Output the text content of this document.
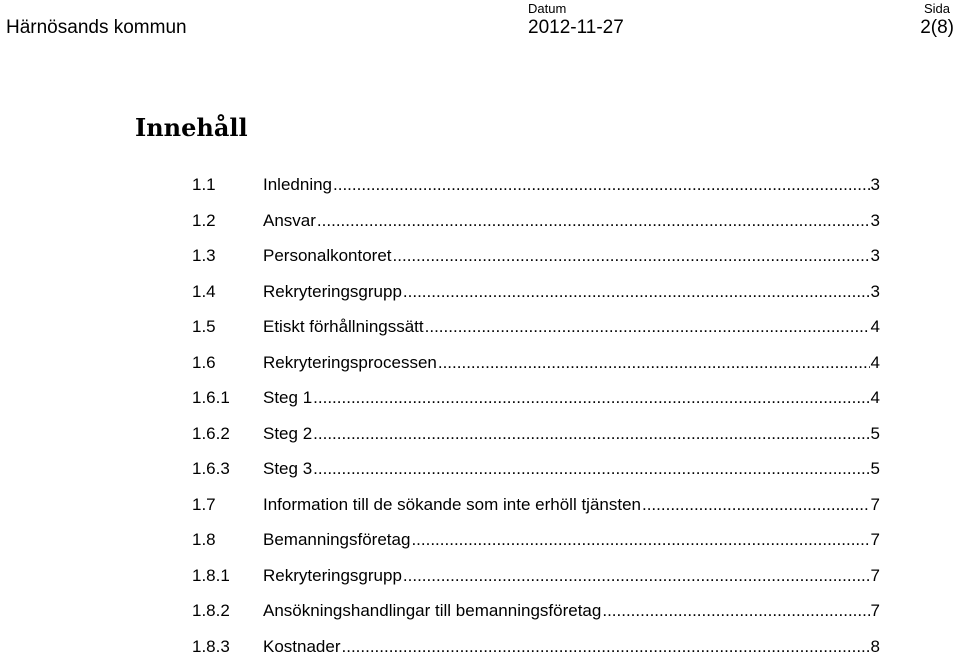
Härnösands kommun
Datum
2012-11-27
Sida
2(8)
Innehåll
1.1	Inledning .....	3
1.2	Ansvar .....	3
1.3	Personalkontoret .....	3
1.4	Rekryteringsgrupp .....	3
1.5	Etiskt förhållningssätt .....	4
1.6	Rekryteringsprocessen .....	4
1.6.1	Steg 1 .....	4
1.6.2	Steg 2 .....	5
1.6.3	Steg 3 .....	5
1.7	Information till de sökande som inte erhöll tjänsten .....	7
1.8	Bemanningsföretag .....	7
1.8.1	Rekryteringsgrupp .....	7
1.8.2	Ansökningshandlingar till bemanningsföretag .....	7
1.8.3	Kostnader .....	8
